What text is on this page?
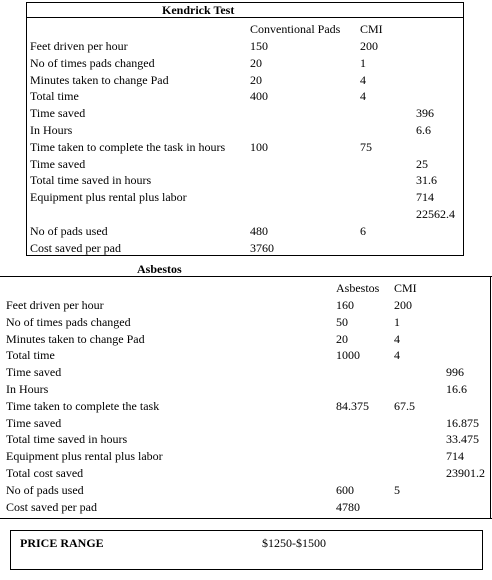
Kendrick Test
Conventional Pads CMI
Feet driven per hour	150	200
No of times pads changed	20	1
Minutes taken to change Pad	20	4
Total time	400	4
Time saved	396
In Hours	6.6
Time taken to complete the task in hours 100	75
Time saved	25
Total time saved in hours	31.6
Equipment plus rental plus labor	714
22562.4
No of pads used	480	6
Cost saved per pad	3760
Asbestos
Asbestos CMI
Feet driven per hour	160	200
No of times pads changed	50	1
Minutes taken to change Pad	20	4
Total time	1000	4
Time saved	996
In Hours	16.6
Time taken to complete the task	84.375 67.5
Time saved	16.875
Total time saved in hours	33.475
Equipment plus rental plus labor	714
Total cost saved	23901.2
No of pads used	600	5
Cost saved per pad	4780
PRICE RANGE	$1250-$1500
